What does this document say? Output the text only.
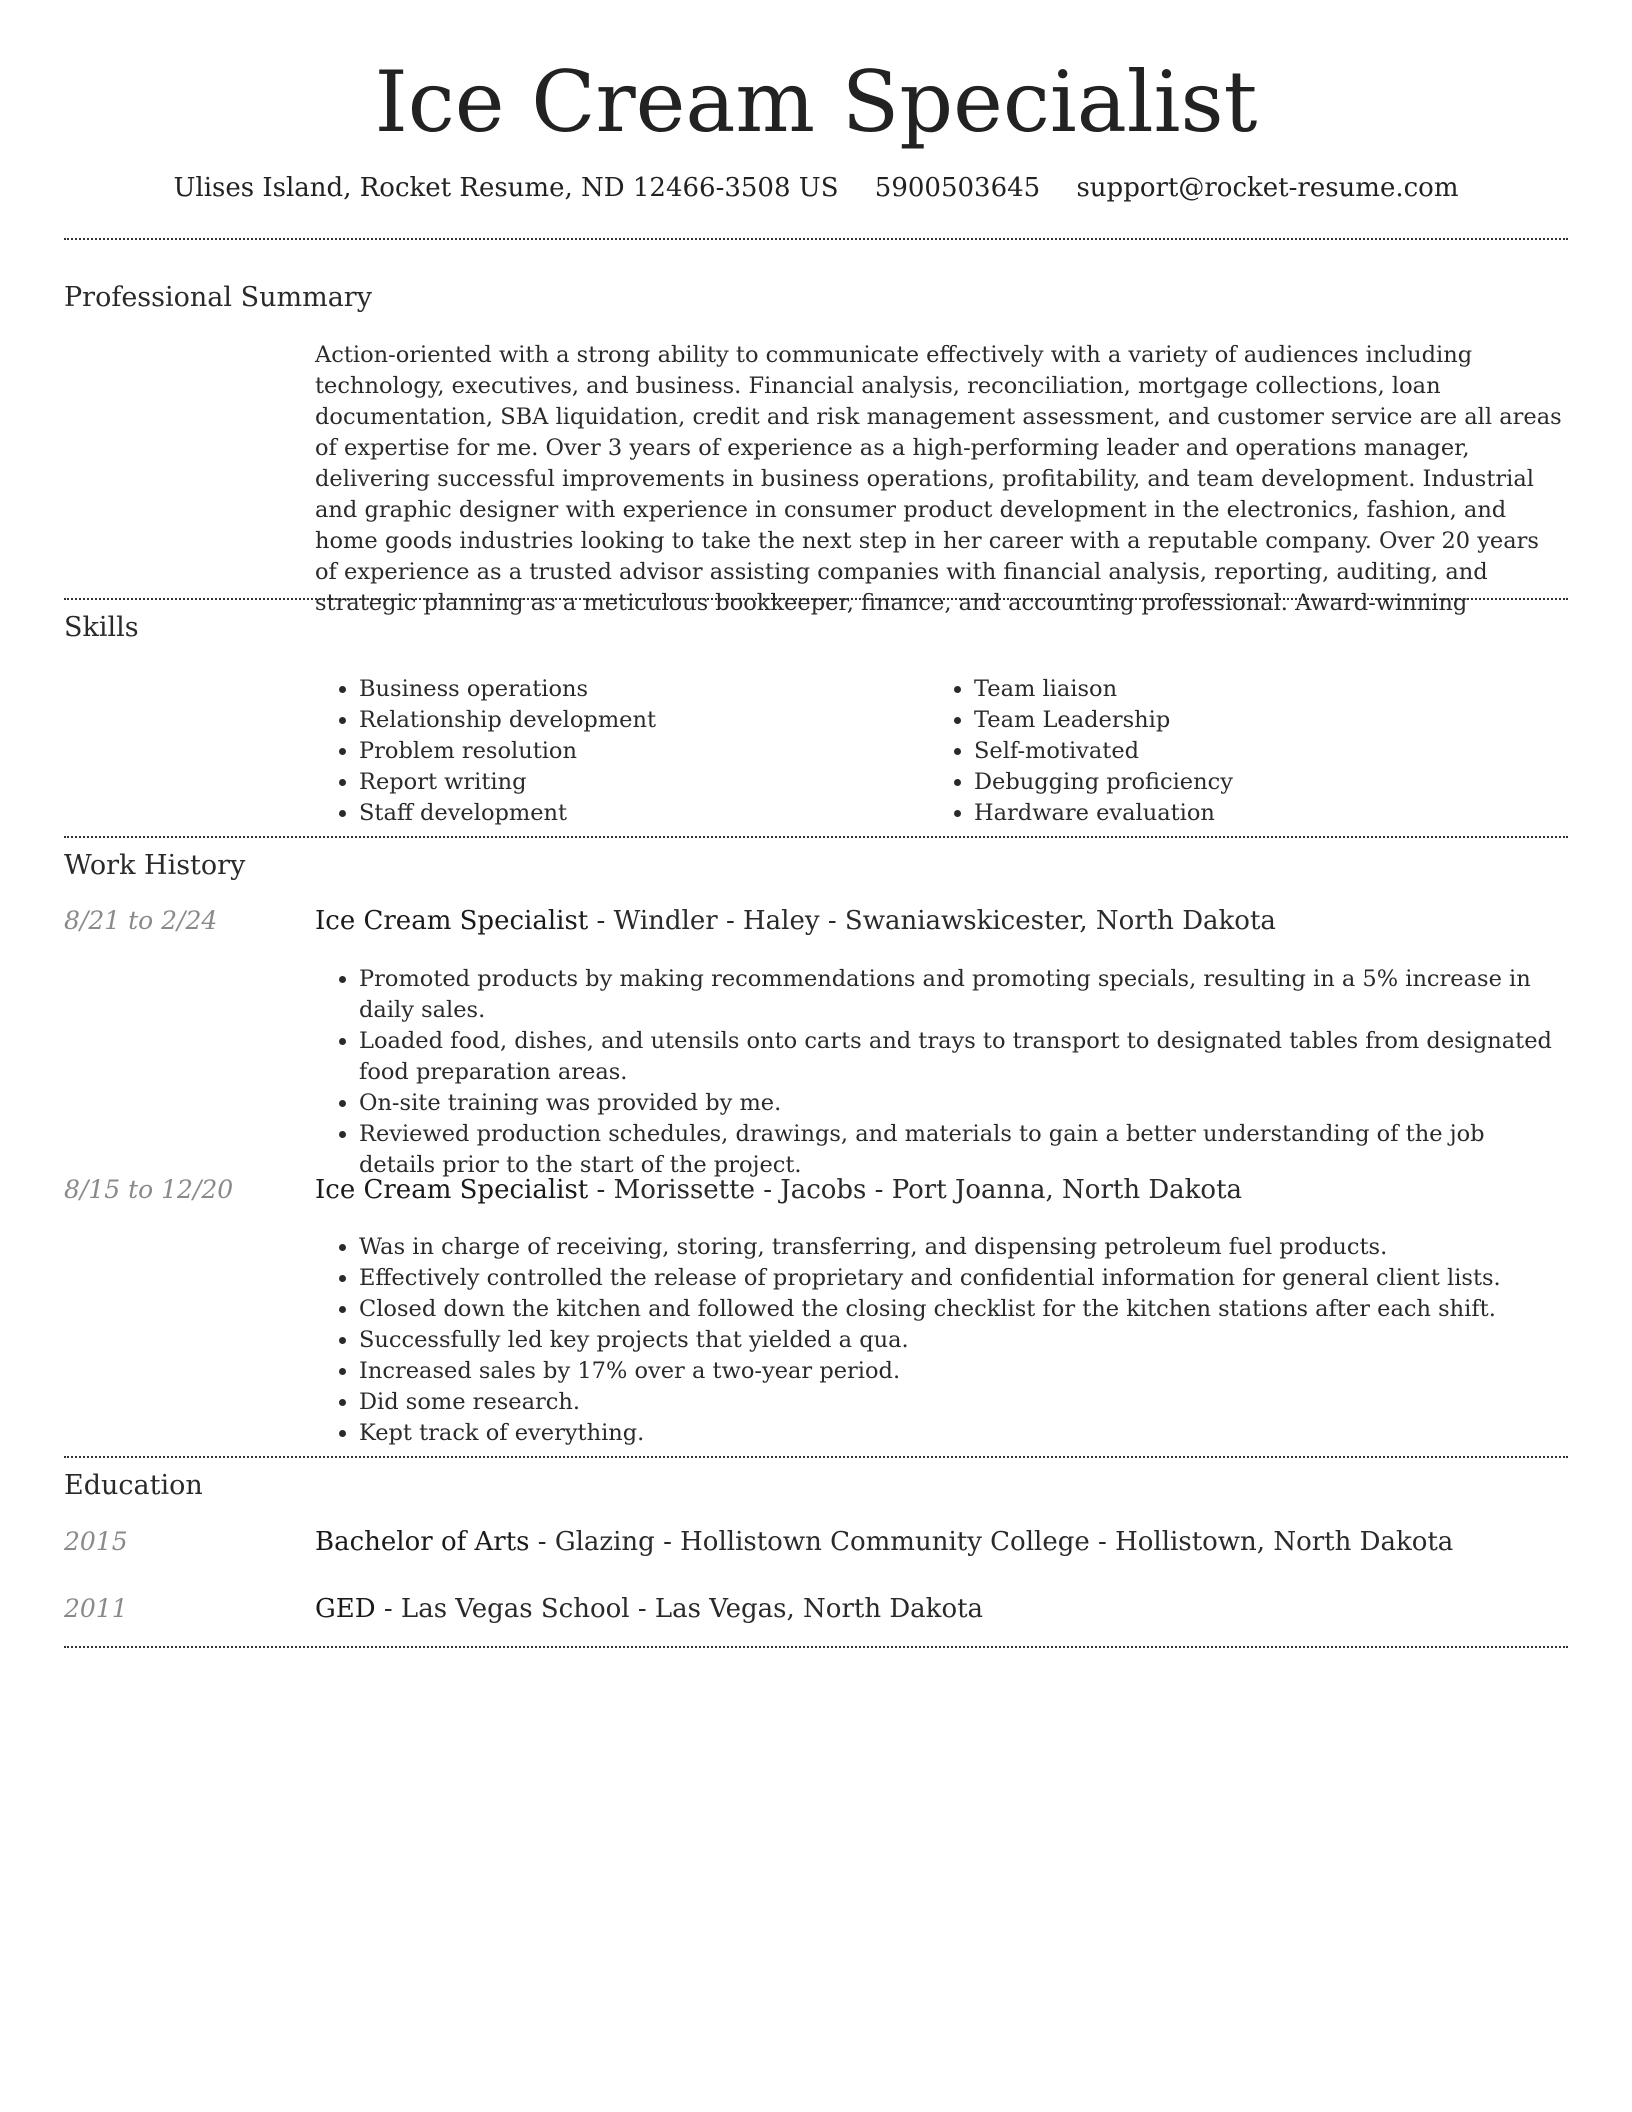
Ice Cream Specialist
Ulises Island, Rocket Resume, ND 12466-3508 US 5900503645 support@rocket-resume.com
Professional Summary

Action-oriented with a strong ability to communicate effectively with a variety of audiences including technology, executives, and business. Financial analysis, reconciliation, mortgage collections, loan documentation, SBA liquidation, credit and risk management assessment, and customer service are all areas of expertise for me. Over 3 years of experience as a high-performing leader and operations manager, delivering successful improvements in business operations, profitability, and team development. Industrial and graphic designer with experience in consumer product development in the electronics, fashion, and home goods industries looking to take the next step in her career with a reputable company. Over 20 years of experience as a trusted advisor assisting companies with financial analysis, reporting, auditing, and strategic planning as a meticulous bookkeeper, finance, and accounting professional. Award-winning

Skills
• Business operations
• Relationship development
• Problem resolution
• Report writing
• Staff development
• Team liaison
• Team Leadership
• Self-motivated
• Debugging proficiency
• Hardware evaluation
Work History
8/21 to 2/24	Ice Cream Specialist - Windler - Haley - Swaniawskicester, North Dakota
• Promoted products by making recommendations and promoting specials, resulting in a 5% increase in daily sales.
• Loaded food, dishes, and utensils onto carts and trays to transport to designated tables from designated food preparation areas.
• On-site training was provided by me.
• Reviewed production schedules, drawings, and materials to gain a better understanding of the job details prior to the start of the project.
8/15 to 12/20	Ice Cream Specialist - Morissette - Jacobs - Port Joanna, North Dakota
• Was in charge of receiving, storing, transferring, and dispensing petroleum fuel products.
• Effectively controlled the release of proprietary and confidential information for general client lists.
• Closed down the kitchen and followed the closing checklist for the kitchen stations after each shift.
• Successfully led key projects that yielded a qua.
• Increased sales by 17% over a two-year period.
• Did some research.
• Kept track of everything.
Education
2015	Bachelor of Arts - Glazing - Hollistown Community College - Hollistown, North Dakota
2011	GED - Las Vegas School - Las Vegas, North Dakota
